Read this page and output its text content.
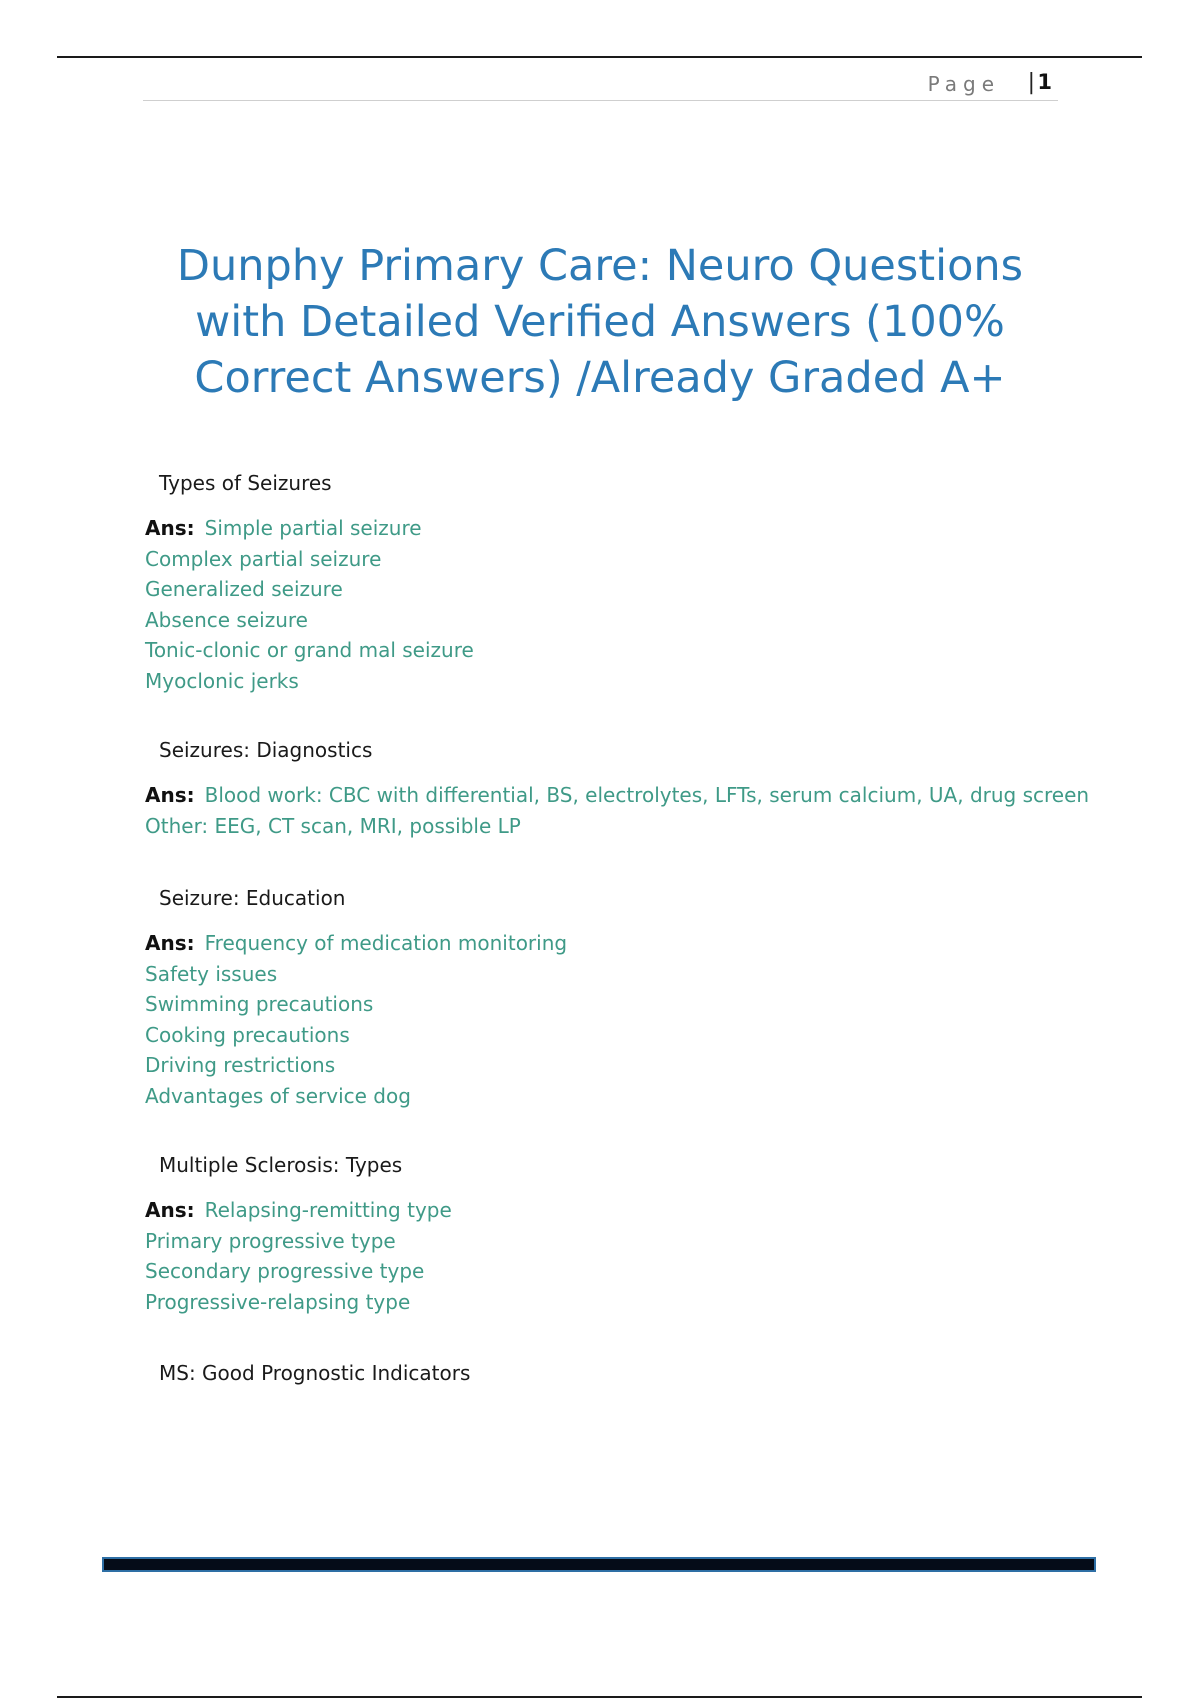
Page | 1
Dunphy Primary Care: Neuro Questions
with Detailed Verified Answers (100%
Correct Answers) /Already Graded A+
Types of Seizures
Ans: Simple partial seizure
Complex partial seizure
Generalized seizure
Absence seizure
Tonic-clonic or grand mal seizure
Myoclonic jerks
Seizures: Diagnostics
Ans: Blood work: CBC with differential, BS, electrolytes, LFTs, serum calcium, UA, drug screen
Other: EEG, CT scan, MRI, possible LP
Seizure: Education
Ans: Frequency of medication monitoring
Safety issues
Swimming precautions
Cooking precautions
Driving restrictions
Advantages of service dog
Multiple Sclerosis: Types
Ans: Relapsing-remitting type
Primary progressive type
Secondary progressive type
Progressive-relapsing type
MS: Good Prognostic Indicators
